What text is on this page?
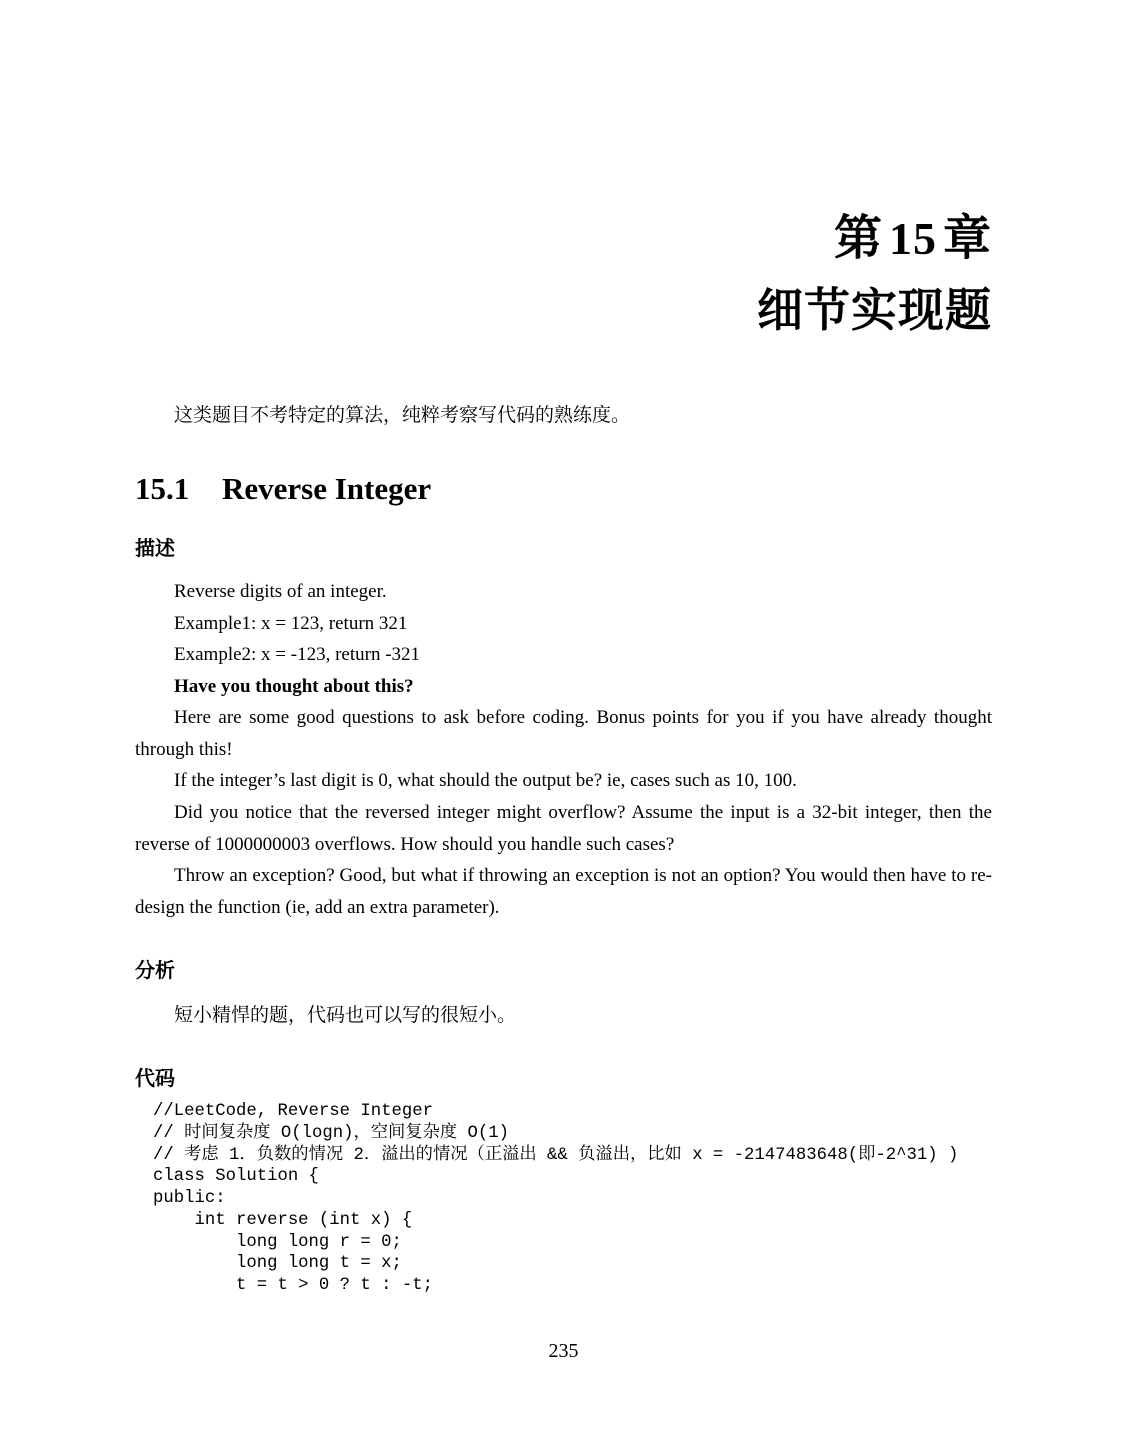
第 15 章
细节实现题
这类题目不考特定的算法，纯粹考察写代码的熟练度。
15.1 Reverse Integer
描述

Reverse digits of an integer.

Example1: x = 123, return 321

Example2: x = -123, return -321

Have you thought about this?

Here are some good questions to ask before coding. Bonus points for you if you have already thought through this!

If the integer’s last digit is 0, what should the output be? ie, cases such as 10, 100.

Did you notice that the reversed integer might overflow? Assume the input is a 32-bit integer, then the reverse of 1000000003 overflows. How should you handle such cases?

Throw an exception? Good, but what if throwing an exception is not an option? You would then have to re-design the function (ie, add an extra parameter).

分析
短小精悍的题，代码也可以写的很短小。
代码
//LeetCode, Reverse Integer
// 时间复杂度 O(logn)，空间复杂度 O(1)
// 考虑 1．负数的情况 2．溢出的情况（正溢出 && 负溢出，比如 x = -2147483648(即-2^31) )
class Solution {
public:
int reverse (int x) {
long long r = 0;
long long t = x;
t = t > 0 ? t : -t;
235
